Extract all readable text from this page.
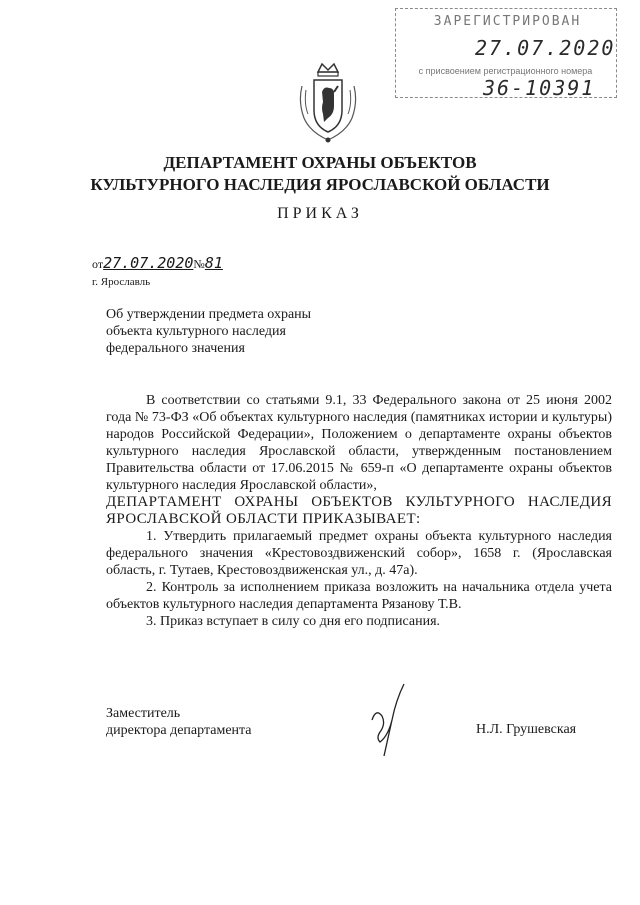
ЗАРЕГИСТРИРОВАН
27.07.2020
с присвоением регистрационного номера
36-10391
ДЕПАРТАМЕНТ ОХРАНЫ ОБЪЕКТОВ
КУЛЬТУРНОГО НАСЛЕДИЯ ЯРОСЛАВСКОЙ ОБЛАСТИ
ПРИКАЗ
от27.07.2020№81
г. Ярославль
Об утверждении предмета охраны
объекта культурного наследия
федерального значения

В соответствии со статьями 9.1, 33 Федерального закона от 25 июня 2002 года № 73-ФЗ «Об объектах культурного наследия (памятниках истории и культуры) народов Российской Федерации», Положением о департаменте охраны объектов культурного наследия Ярославской области, утвержденным постановлением Правительства области от 17.06.2015 № 659-п «О департаменте охраны объектов культурного наследия Ярославской области»,

ДЕПАРТАМЕНТ ОХРАНЫ ОБЪЕКТОВ КУЛЬТУРНОГО НАСЛЕДИЯ ЯРОСЛАВСКОЙ ОБЛАСТИ ПРИКАЗЫВАЕТ:

1. Утвердить прилагаемый предмет охраны объекта культурного наследия федерального значения «Крестовоздвиженский собор», 1658 г. (Ярославская область, г. Тутаев, Крестовоздвиженская ул., д. 47а).

2. Контроль за исполнением приказа возложить на начальника отдела учета объектов культурного наследия департамента Рязанову Т.В.

3. Приказ вступает в силу со дня его подписания.

Заместитель
директора департамента	Н.Л. Грушевская
